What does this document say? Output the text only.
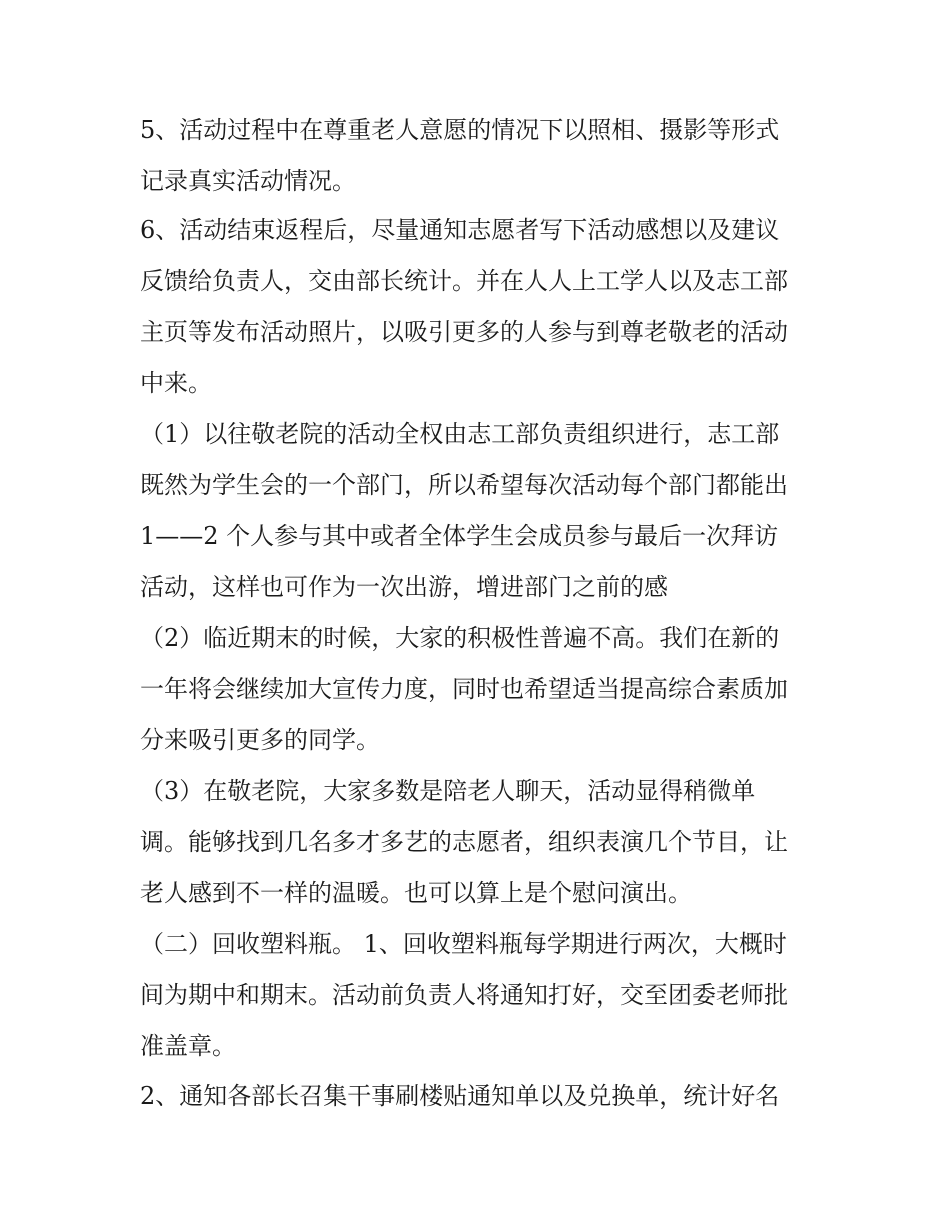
5、活动过程中在尊重老人意愿的情况下以照相、摄影等形式
记录真实活动情况。
6、活动结束返程后，尽量通知志愿者写下活动感想以及建议
反馈给负责人，交由部长统计。并在人人上工学人以及志工部
主页等发布活动照片，以吸引更多的人参与到尊老敬老的活动
中来。
（1）以往敬老院的活动全权由志工部负责组织进行，志工部
既然为学生会的一个部门，所以希望每次活动每个部门都能出
1——2 个人参与其中或者全体学生会成员参与最后一次拜访
活动，这样也可作为一次出游，增进部门之前的感
（2）临近期末的时候，大家的积极性普遍不高。我们在新的
一年将会继续加大宣传力度，同时也希望适当提高综合素质加
分来吸引更多的同学。
（3）在敬老院，大家多数是陪老人聊天，活动显得稍微单
调。能够找到几名多才多艺的志愿者，组织表演几个节目，让
老人感到不一样的温暖。也可以算上是个慰问演出。
（二）回收塑料瓶。 1、回收塑料瓶每学期进行两次，大概时
间为期中和期末。活动前负责人将通知打好，交至团委老师批
准盖章。
2、通知各部长召集干事刷楼贴通知单以及兑换单，统计好名
